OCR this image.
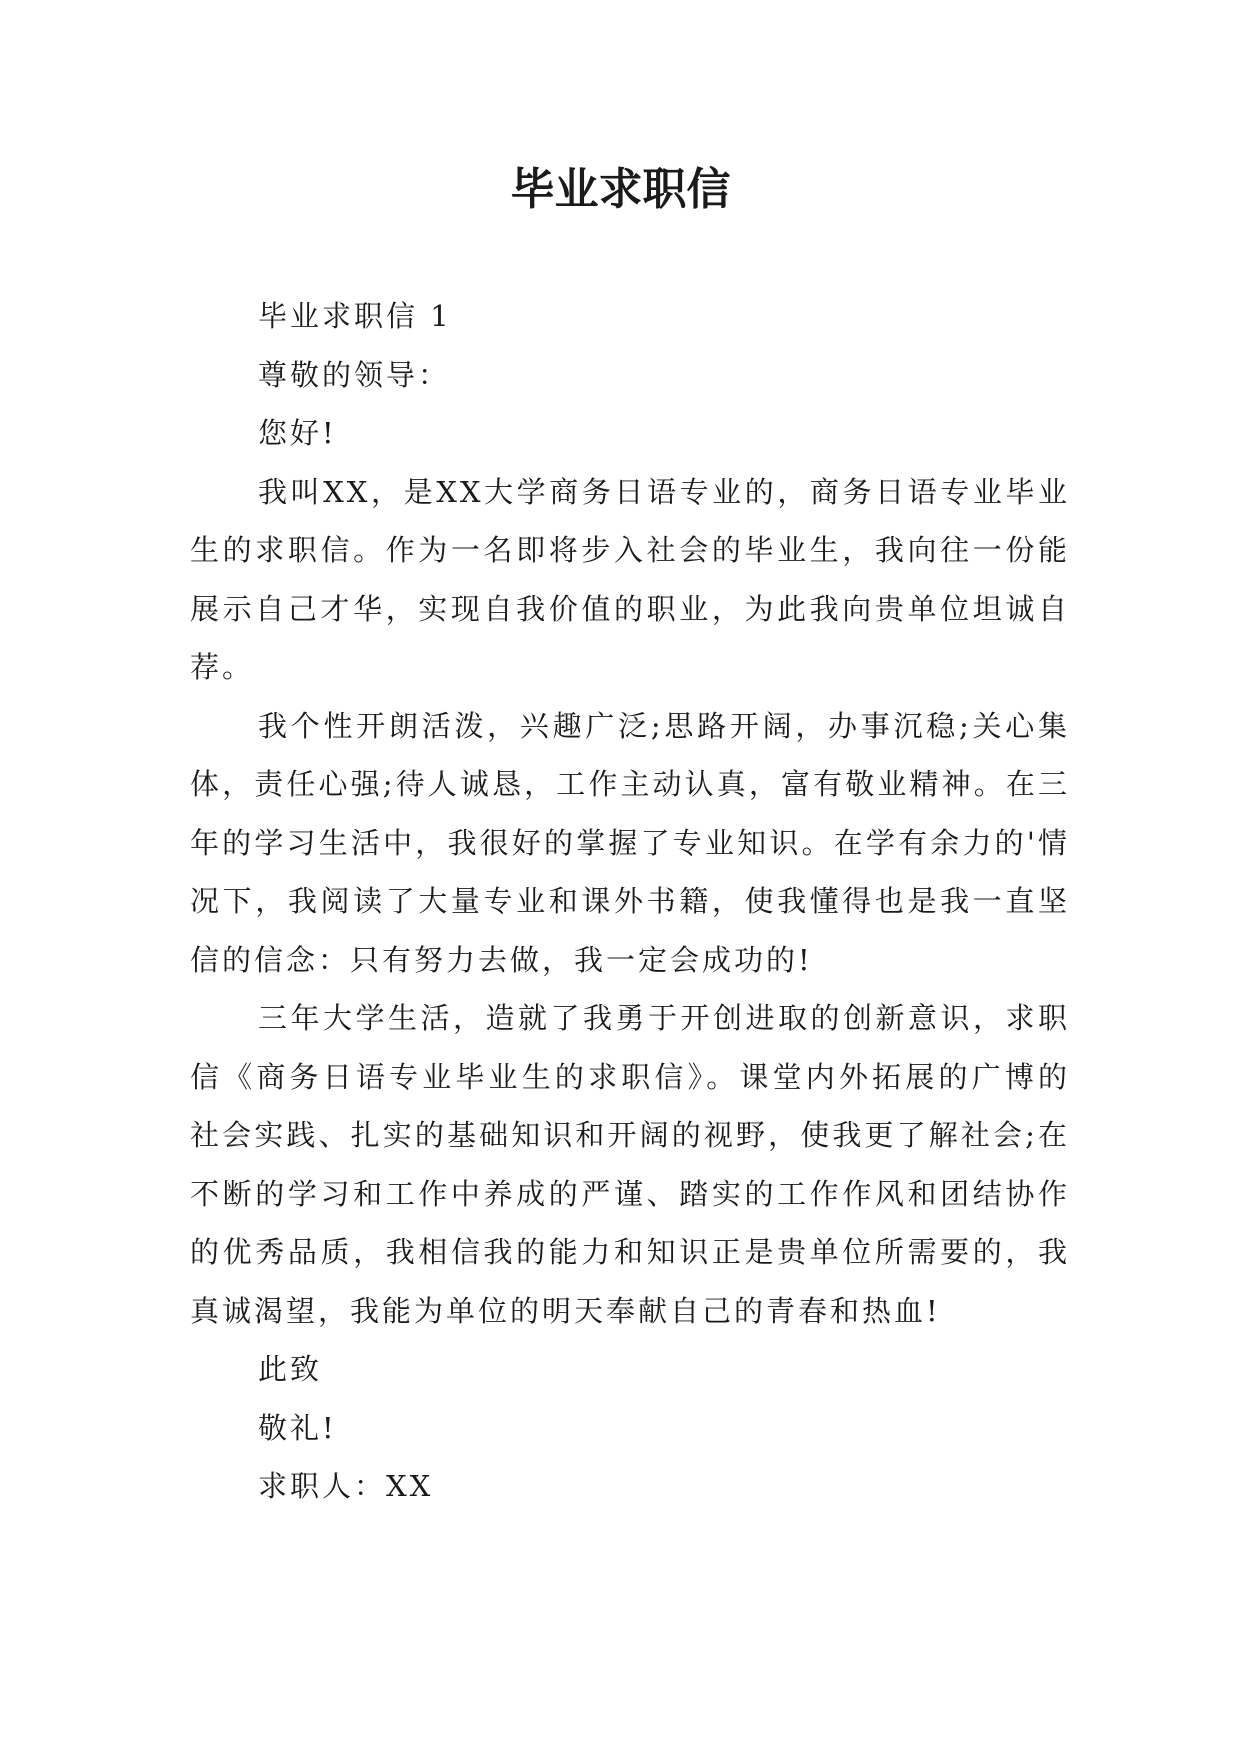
毕业求职信

毕业求职信 1

尊敬的领导：

您好!

我叫XX，是XX大学商务日语专业的，商务日语专业毕业生的求职信。作为一名即将步入社会的毕业生，我向往一份能展示自己才华，实现自我价值的职业，为此我向贵单位坦诚自荐。

我个性开朗活泼，兴趣广泛;思路开阔，办事沉稳;关心集体，责任心强;待人诚恳，工作主动认真，富有敬业精神。在三年的学习生活中，我很好的掌握了专业知识。在学有余力的'情况下，我阅读了大量专业和课外书籍，使我懂得也是我一直坚信的信念：只有努力去做，我一定会成功的!

三年大学生活，造就了我勇于开创进取的创新意识，求职信《商务日语专业毕业生的求职信》。课堂内外拓展的广博的社会实践、扎实的基础知识和开阔的视野，使我更了解社会;在不断的学习和工作中养成的严谨、踏实的工作作风和团结协作的优秀品质，我相信我的能力和知识正是贵单位所需要的，我真诚渴望，我能为单位的明天奉献自己的青春和热血!

此致

敬礼!

求职人：XX
